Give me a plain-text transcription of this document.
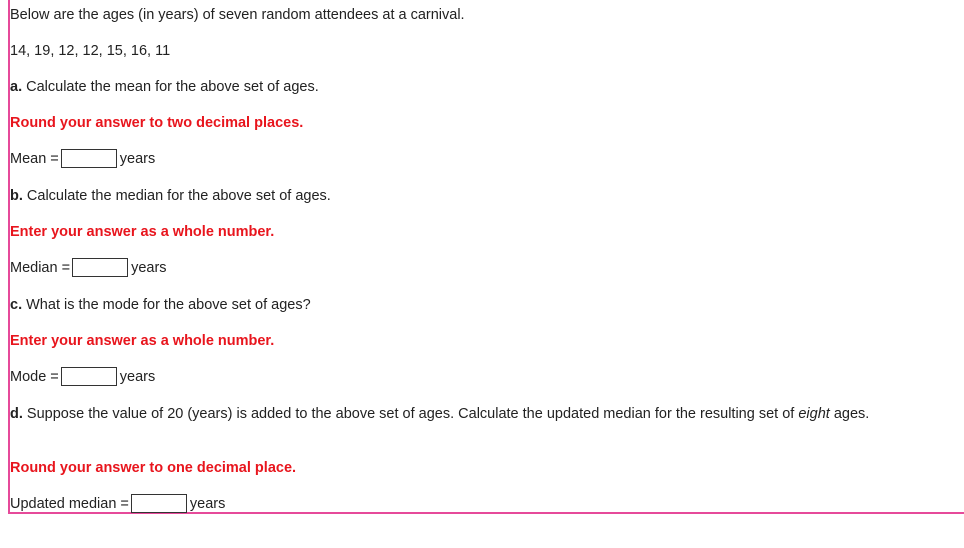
Below are the ages (in years) of seven random attendees at a carnival.
14, 19, 12, 12, 15, 16, 11
a. Calculate the mean for the above set of ages.
Round your answer to two decimal places.
Mean =	years
b. Calculate the median for the above set of ages.
Enter your answer as a whole number.
Median =	years
c. What is the mode for the above set of ages?
Enter your answer as a whole number.
Mode =	years
d. Suppose the value of 20 (years) is added to the above set of ages. Calculate the updated median for the resulting set of eight ages.
Round your answer to one decimal place.
Updated median =	years
